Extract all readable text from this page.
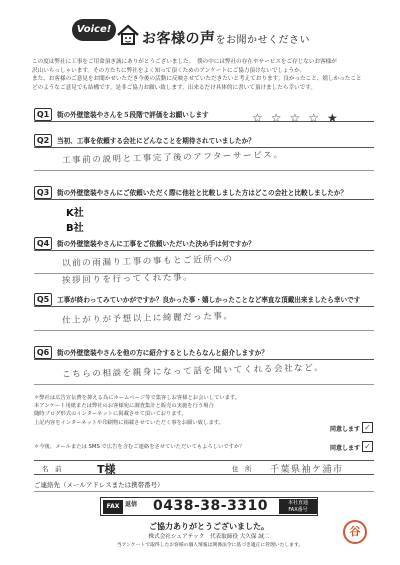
Voice!
お客様の声をお聞かせください
この度は弊社に工事をご用命頂き誠にありがとうございました。　僕の中には弊社の存在やサービスをご存じないお客様が
沢山いらっしゃいます。その方たちに弊社をよく知って頂くためのアンケートにご協力頂けないでしょうか。
また、お客様のご意見をお聞かせいただき今後の活動に反映させていただきたいと考えております。良かったこと、嬉しかったこと
どのようなご意見でも結構です。是非ご協力お願い致します。出来るだけ具体的に書いて頂けましたら幸いです。
Q1	街の外壁塗装やさんを５段階で評価をお願いします	☆☆☆☆★
Q2	当初、工事を依頼する会社にどんなことを期待されていましたか？
工事前の説明と工事完了後のアフターサービス。
Q3	街の外壁塗装やさんにご依頼いただく際に他社と比較しました方はどこの会社と比較しましたか？
K社
B社
Q4	街の外壁塗装やさんに工事をご依頼いただいた決め手は何ですか？
以前の雨漏り工事の事もとご近所への
挨拶回りを行ってくれた事。
Q5	工事が終わってみていかがですか？良かった事・嬉しかったことなど率直な頂戴出来ましたら幸いです
仕上がりが予想以上に綺麗だった事。
Q6	街の外壁塗装やさんを他の方に紹介するとしたらなんと紹介しますか？
こちらの相談を親身になって話を聞いてくれる会社など。
＊弊社は広告宣伝費を抑える為にホームページ等で集客しお客様とお会いしています。
本アンケート用紙または弊社のお客様宛に調査集計と販売の実施を行う場合
随時ブログ形式のインターネットに掲載させて頂いております。
上記内容をインターネットや印刷物に掲載させていただく事をお願い致します。
同意します ✓
＊今後、メールまたは SMS で広告を含むご連絡をさせていただいてもよろしいですか？	同意します ✓
名　前	T様	住　所 千葉県袖ケ浦市
ご連絡先（メールアドレスまたは携帯番号）
FAX 返信 0438-38-3310	本社直通
FAX番号
ご協力ありがとうございました。
株式会社シュアテック　代表取締役 大久保 誠二
当アンケートで取得したお客様の個人情報は関係法令に基づき適正に管理いたします。
谷
